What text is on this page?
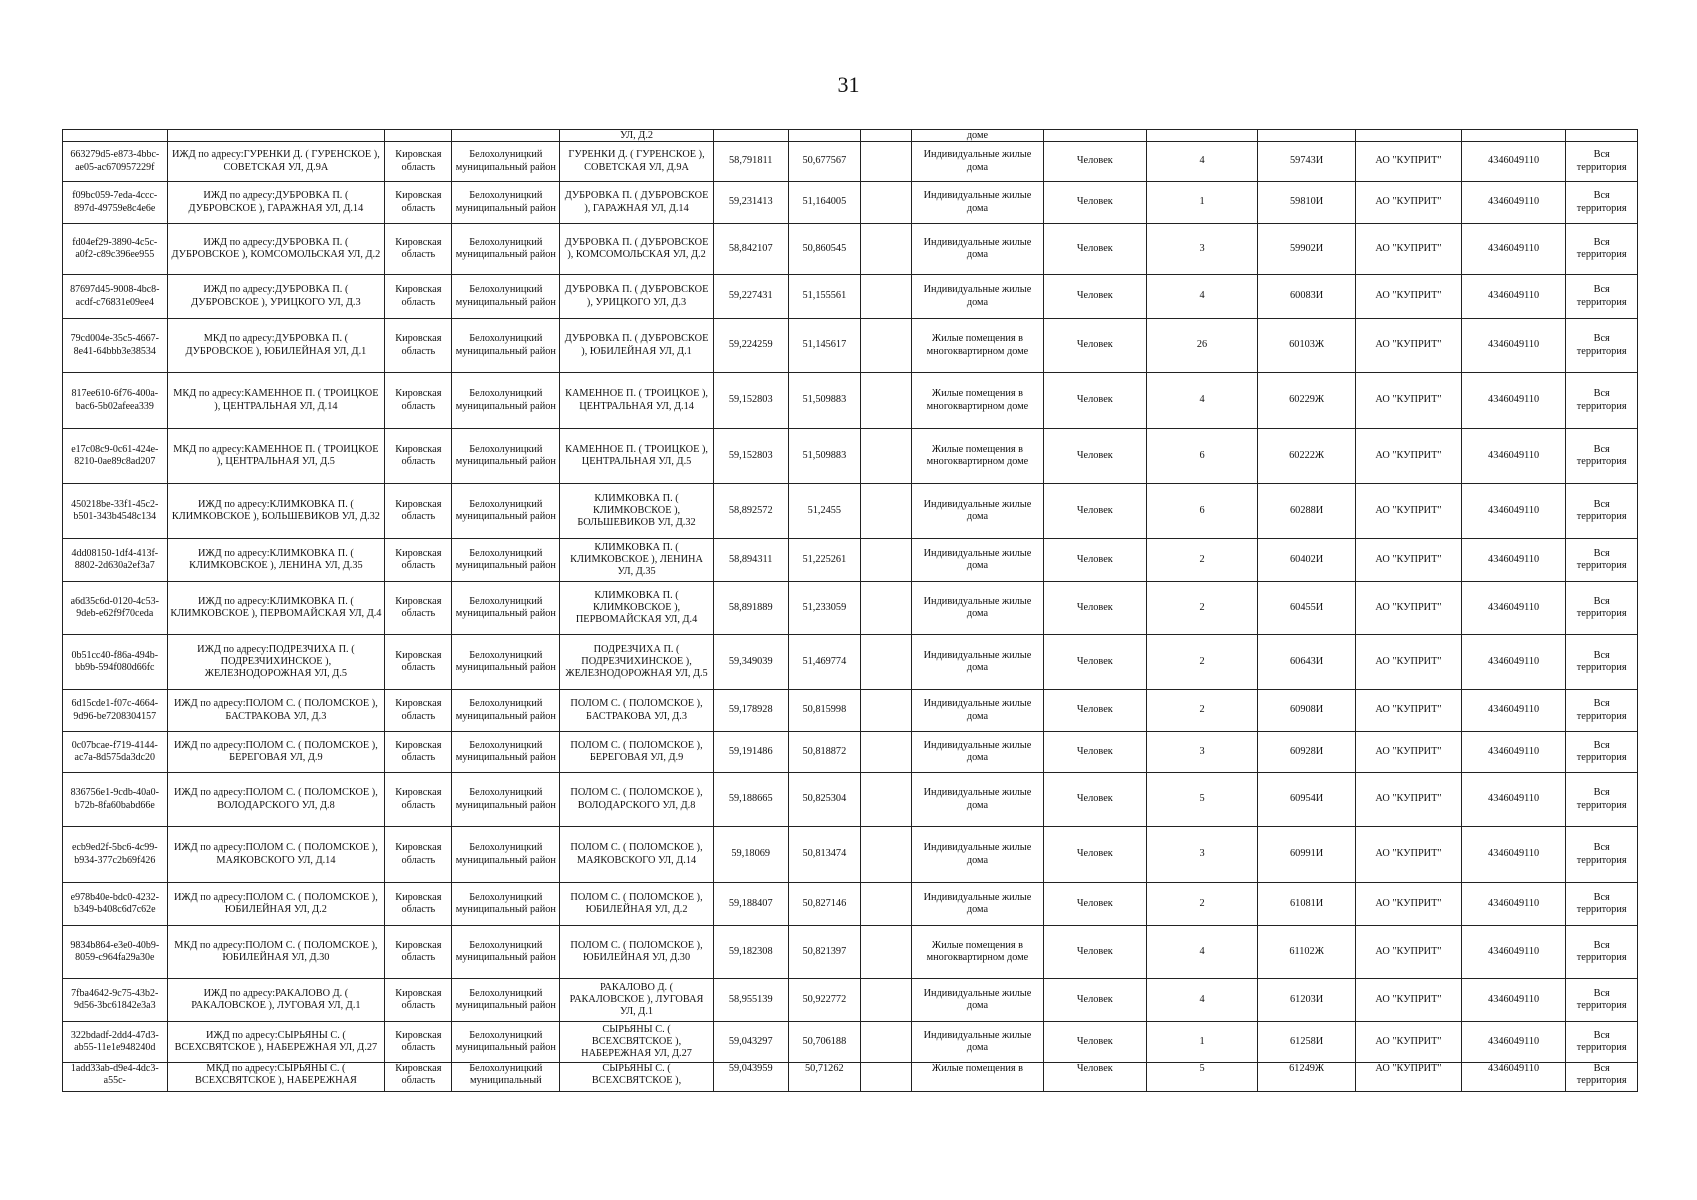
31
				УЛ, Д.2				доме						
663279d5-e873-4bbc-ae05-ac670957229f	ИЖД по адресу:ГУРЕНКИ Д. ( ГУРЕНСКОЕ ), СОВЕТСКАЯ УЛ, Д.9А	Кировская область	Белохолуницкий муниципальный район	ГУРЕНКИ Д. ( ГУРЕНСКОЕ ), СОВЕТСКАЯ УЛ, Д.9А	58,791811	50,677567		Индивидуальные жилые дома	Человек	4	59743И	АО "КУПРИТ"	4346049110	Вся территория
f09bc059-7eda-4ccc-897d-49759e8c4e6e	ИЖД по адресу:ДУБРОВКА П. ( ДУБРОВСКОЕ ), ГАРАЖНАЯ УЛ, Д.14	Кировская область	Белохолуницкий муниципальный район	ДУБРОВКА П. ( ДУБРОВСКОЕ ), ГАРАЖНАЯ УЛ, Д.14	59,231413	51,164005		Индивидуальные жилые дома	Человек	1	59810И	АО "КУПРИТ"	4346049110	Вся территория
fd04ef29-3890-4c5c-a0f2-c89c396ee955	ИЖД по адресу:ДУБРОВКА П. ( ДУБРОВСКОЕ ), КОМСОМОЛЬСКАЯ УЛ, Д.2	Кировская область	Белохолуницкий муниципальный район	ДУБРОВКА П. ( ДУБРОВСКОЕ ), КОМСОМОЛЬСКАЯ УЛ, Д.2	58,842107	50,860545		Индивидуальные жилые дома	Человек	3	59902И	АО "КУПРИТ"	4346049110	Вся территория
87697d45-9008-4bc8-acdf-c76831e09ee4	ИЖД по адресу:ДУБРОВКА П. ( ДУБРОВСКОЕ ), УРИЦКОГО УЛ, Д.3	Кировская область	Белохолуницкий муниципальный район	ДУБРОВКА П. ( ДУБРОВСКОЕ ), УРИЦКОГО УЛ, Д.3	59,227431	51,155561		Индивидуальные жилые дома	Человек	4	60083И	АО "КУПРИТ"	4346049110	Вся территория
79cd004e-35c5-4667-8e41-64bbb3e38534	МКД по адресу:ДУБРОВКА П. ( ДУБРОВСКОЕ ), ЮБИЛЕЙНАЯ УЛ, Д.1	Кировская область	Белохолуницкий муниципальный район	ДУБРОВКА П. ( ДУБРОВСКОЕ ), ЮБИЛЕЙНАЯ УЛ, Д.1	59,224259	51,145617		Жилые помещения в многоквартирном доме	Человек	26	60103Ж	АО "КУПРИТ"	4346049110	Вся территория
817ee610-6f76-400a-bac6-5b02afeea339	МКД по адресу:КАМЕННОЕ П. ( ТРОИЦКОЕ ), ЦЕНТРАЛЬНАЯ УЛ, Д.14	Кировская область	Белохолуницкий муниципальный район	КАМЕННОЕ П. ( ТРОИЦКОЕ ), ЦЕНТРАЛЬНАЯ УЛ, Д.14	59,152803	51,509883		Жилые помещения в многоквартирном доме	Человек	4	60229Ж	АО "КУПРИТ"	4346049110	Вся территория
e17c08c9-0c61-424e-8210-0ae89c8ad207	МКД по адресу:КАМЕННОЕ П. ( ТРОИЦКОЕ ), ЦЕНТРАЛЬНАЯ УЛ, Д.5	Кировская область	Белохолуницкий муниципальный район	КАМЕННОЕ П. ( ТРОИЦКОЕ ), ЦЕНТРАЛЬНАЯ УЛ, Д.5	59,152803	51,509883		Жилые помещения в многоквартирном доме	Человек	6	60222Ж	АО "КУПРИТ"	4346049110	Вся территория
450218be-33f1-45c2-b501-343b4548c134	ИЖД по адресу:КЛИМКОВКА П. ( КЛИМКОВСКОЕ ), БОЛЬШЕВИКОВ УЛ, Д.32	Кировская область	Белохолуницкий муниципальный район	КЛИМКОВКА П. ( КЛИМКОВСКОЕ ), БОЛЬШЕВИКОВ УЛ, Д.32	58,892572	51,2455		Индивидуальные жилые дома	Человек	6	60288И	АО "КУПРИТ"	4346049110	Вся территория
4dd08150-1df4-413f-8802-2d630a2ef3a7	ИЖД по адресу:КЛИМКОВКА П. ( КЛИМКОВСКОЕ ), ЛЕНИНА УЛ, Д.35	Кировская область	Белохолуницкий муниципальный район	КЛИМКОВКА П. ( КЛИМКОВСКОЕ ), ЛЕНИНА УЛ, Д.35	58,894311	51,225261		Индивидуальные жилые дома	Человек	2	60402И	АО "КУПРИТ"	4346049110	Вся территория
a6d35c6d-0120-4c53-9deb-e62f9f70ceda	ИЖД по адресу:КЛИМКОВКА П. ( КЛИМКОВСКОЕ ), ПЕРВОМАЙСКАЯ УЛ, Д.4	Кировская область	Белохолуницкий муниципальный район	КЛИМКОВКА П. ( КЛИМКОВСКОЕ ), ПЕРВОМАЙСКАЯ УЛ, Д.4	58,891889	51,233059		Индивидуальные жилые дома	Человек	2	60455И	АО "КУПРИТ"	4346049110	Вся территория
0b51cc40-f86a-494b-bb9b-594f080d66fc	ИЖД по адресу:ПОДРЕЗЧИХА П. ( ПОДРЕЗЧИХИНСКОЕ ), ЖЕЛЕЗНОДОРОЖНАЯ УЛ, Д.5	Кировская область	Белохолуницкий муниципальный район	ПОДРЕЗЧИХА П. ( ПОДРЕЗЧИХИНСКОЕ ), ЖЕЛЕЗНОДОРОЖНАЯ УЛ, Д.5	59,349039	51,469774		Индивидуальные жилые дома	Человек	2	60643И	АО "КУПРИТ"	4346049110	Вся территория
6d15cde1-f07c-4664-9d96-be7208304157	ИЖД по адресу:ПОЛОМ С. ( ПОЛОМСКОЕ ), БАСТРАКОВА УЛ, Д.3	Кировская область	Белохолуницкий муниципальный район	ПОЛОМ С. ( ПОЛОМСКОЕ ), БАСТРАКОВА УЛ, Д.3	59,178928	50,815998		Индивидуальные жилые дома	Человек	2	60908И	АО "КУПРИТ"	4346049110	Вся территория
0c07bcae-f719-4144-ac7a-8d575da3dc20	ИЖД по адресу:ПОЛОМ С. ( ПОЛОМСКОЕ ), БЕРЕГОВАЯ УЛ, Д.9	Кировская область	Белохолуницкий муниципальный район	ПОЛОМ С. ( ПОЛОМСКОЕ ), БЕРЕГОВАЯ УЛ, Д.9	59,191486	50,818872		Индивидуальные жилые дома	Человек	3	60928И	АО "КУПРИТ"	4346049110	Вся территория
836756e1-9cdb-40a0-b72b-8fa60babd66e	ИЖД по адресу:ПОЛОМ С. ( ПОЛОМСКОЕ ), ВОЛОДАРСКОГО УЛ, Д.8	Кировская область	Белохолуницкий муниципальный район	ПОЛОМ С. ( ПОЛОМСКОЕ ), ВОЛОДАРСКОГО УЛ, Д.8	59,188665	50,825304		Индивидуальные жилые дома	Человек	5	60954И	АО "КУПРИТ"	4346049110	Вся территория
ecb9ed2f-5bc6-4c99-b934-377c2b69f426	ИЖД по адресу:ПОЛОМ С. ( ПОЛОМСКОЕ ), МАЯКОВСКОГО УЛ, Д.14	Кировская область	Белохолуницкий муниципальный район	ПОЛОМ С. ( ПОЛОМСКОЕ ), МАЯКОВСКОГО УЛ, Д.14	59,18069	50,813474		Индивидуальные жилые дома	Человек	3	60991И	АО "КУПРИТ"	4346049110	Вся территория
e978b40e-bdc0-4232-b349-b408c6d7c62e	ИЖД по адресу:ПОЛОМ С. ( ПОЛОМСКОЕ ), ЮБИЛЕЙНАЯ УЛ, Д.2	Кировская область	Белохолуницкий муниципальный район	ПОЛОМ С. ( ПОЛОМСКОЕ ), ЮБИЛЕЙНАЯ УЛ, Д.2	59,188407	50,827146		Индивидуальные жилые дома	Человек	2	61081И	АО "КУПРИТ"	4346049110	Вся территория
9834b864-e3e0-40b9-8059-c964fa29a30e	МКД по адресу:ПОЛОМ С. ( ПОЛОМСКОЕ ), ЮБИЛЕЙНАЯ УЛ, Д.30	Кировская область	Белохолуницкий муниципальный район	ПОЛОМ С. ( ПОЛОМСКОЕ ), ЮБИЛЕЙНАЯ УЛ, Д.30	59,182308	50,821397		Жилые помещения в многоквартирном доме	Человек	4	61102Ж	АО "КУПРИТ"	4346049110	Вся территория
7fba4642-9c75-43b2-9d56-3bc61842e3a3	ИЖД по адресу:РАКАЛОВО Д. ( РАКАЛОВСКОЕ ), ЛУГОВАЯ УЛ, Д.1	Кировская область	Белохолуницкий муниципальный район	РАКАЛОВО Д. ( РАКАЛОВСКОЕ ), ЛУГОВАЯ УЛ, Д.1	58,955139	50,922772		Индивидуальные жилые дома	Человек	4	61203И	АО "КУПРИТ"	4346049110	Вся территория
322bdadf-2dd4-47d3-ab55-11e1e948240d	ИЖД по адресу:СЫРЬЯНЫ С. ( ВСЕХСВЯТСКОЕ ), НАБЕРЕЖНАЯ УЛ, Д.27	Кировская область	Белохолуницкий муниципальный район	СЫРЬЯНЫ С. ( ВСЕХСВЯТСКОЕ ), НАБЕРЕЖНАЯ УЛ, Д.27	59,043297	50,706188		Индивидуальные жилые дома	Человек	1	61258И	АО "КУПРИТ"	4346049110	Вся территория
1add33ab-d9e4-4dc3-a55c-	МКД по адресу:СЫРЬЯНЫ С. ( ВСЕХСВЯТСКОЕ ), НАБЕРЕЖНАЯ	Кировская область	Белохолуницкий муниципальный	СЫРЬЯНЫ С. ( ВСЕХСВЯТСКОЕ ),	59,043959	50,71262		Жилые помещения в	Человек	5	61249Ж	АО "КУПРИТ"	4346049110	Вся территория
